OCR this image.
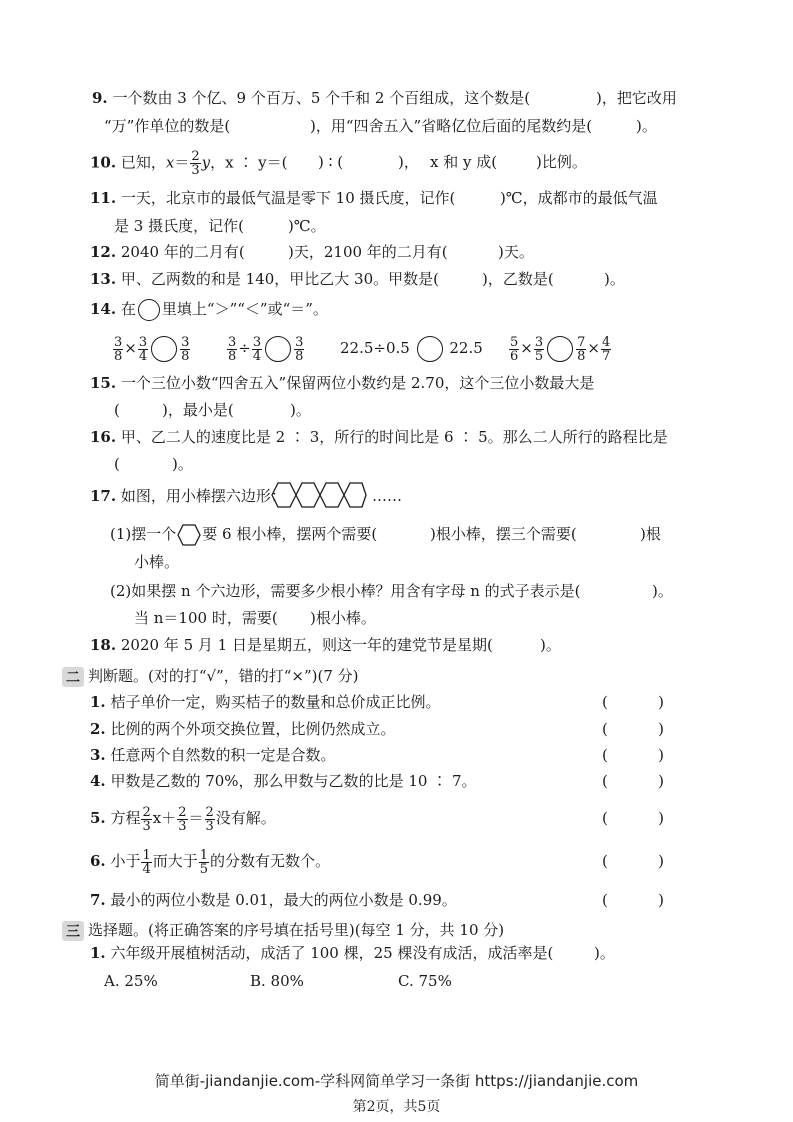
9. 一个数由 3 个亿、9 个百万、5 个千和 2 个百组成，这个数是(	)，把它改用
“万”作单位的数是(	)，用“四舍五入”省略亿位后面的尾数约是(	)。
10. 已知，$x= \frac{2}{3}$ y，x ∶ y＝( ) ∶ (	)， x 和 y 成(	)比例。
11. 一天，北京市的最低气温是零下 10 摄氏度，记作(	)℃，成都市的最低气温
是 3 摄氏度，记作(	)℃。
12. 2040 年的二月有(	)天，2100 年的二月有(	)天。
13. 甲、乙两数的和是 140，甲比乙大 30。甲数是(	)，乙数是(	)。
14. 在 里填上“＞”“＜”或“＝”。
$\frac{3}{8} \times \frac{3}{4} \frac{3}{8}$	$\frac{3}{8} \div \frac{3}{4} \frac{3}{8} 22.5\div 0.5$	$22.5 \frac{5}{6} \times \frac{3}{5} \frac{7}{8} \times \frac{4}{7}$
15. 一个三位小数“四舍五入”保留两位小数约是 2.70，这个三位小数最大是
(	)，最小是(	)。
16. 甲、乙二人的速度比是 2 ∶ 3，所行的时间比是 6 ∶ 5。那么二人所行的路程比是
(	)。
17. 如图，用小棒摆六边形：	……
(1)摆一个 要 6 根小棒，摆两个需要(	)根小棒，摆三个需要(	)根
小棒。
(2)如果摆 n 个六边形，需要多少根小棒？用含有字母 n 的式子表示是(	)。
当 n＝100 时，需要( )根小棒。
18. 2020 年 5 月 1 日是星期五，则这一年的建党节是星期(	)。
二 判断题。(对的打“√”，错的打“×”)(7 分)
1. 桔子单价一定，购买桔子的数量和总价成正比例。	(	)
2. 比例的两个外项交换位置，比例仍然成立。	(	)
3. 任意两个自然数的积一定是合数。	(	)
4. 甲数是乙数的 70%，那么甲数与乙数的比是 10 ∶ 7。	(	)
5. 方程 $\frac{2}{3} x+ \frac{2}{3} = \frac{2}{3}$ 没有解。	(	)
6. 小于 $\frac{1}{4}$ 而大于 $\frac{1}{5}$ 的分数有无数个。	(	)
7. 最小的两位小数是 0.01，最大的两位小数是 0.99。	(	)
三 选择题。(将正确答案的序号填在括号里)(每空 1 分，共 10 分)
1. 六年级开展植树活动，成活了 100 棵，25 棵没有成活，成活率是(	)。
A. 25%	B. 80%	C. 75%
简单街-jiandanjie.com-学科网简单学习一条街 https://jiandanjie.com
第2页，共5页
